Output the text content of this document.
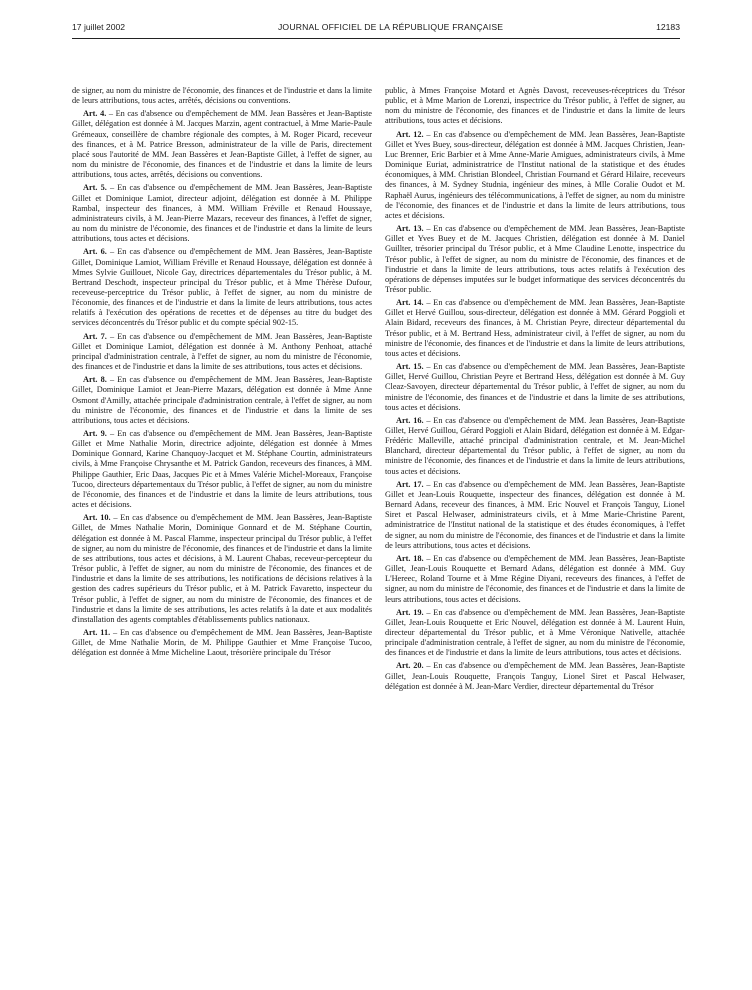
17 juillet 2002	JOURNAL OFFICIEL DE LA RÉPUBLIQUE FRANÇAISE	12183

de signer, au nom du ministre de l'économie, des finances et de l'industrie et dans la limite de leurs attributions, tous actes, arrêtés, décisions ou conventions.

Art. 4. – En cas d'absence ou d'empêchement de MM. Jean Bassères et Jean-Baptiste Gillet, délégation est donnée à M. Jacques Marzin, agent contractuel, à Mme Marie-Paule Grémeaux, conseillère de chambre régionale des comptes, à M. Roger Picard, receveur des finances, et à M. Patrice Bresson, administrateur de la ville de Paris, directement placé sous l'autorité de MM. Jean Bassères et Jean-Baptiste Gillet, à l'effet de signer, au nom du ministre de l'économie, des finances et de l'industrie et dans la limite de leurs attributions, tous actes, arrêtés, décisions ou conventions.

Art. 5. – En cas d'absence ou d'empêchement de MM. Jean Bassères, Jean-Baptiste Gillet et Dominique Lamiot, directeur adjoint, délégation est donnée à M. Philippe Rambal, inspecteur des finances, à MM. William Fréville et Renaud Houssaye, administrateurs civils, à M. Jean-Pierre Mazars, receveur des finances, à l'effet de signer, au nom du ministre de l'économie, des finances et de l'industrie et dans la limite de leurs attributions, tous actes et décisions.

Art. 6. – En cas d'absence ou d'empêchement de MM. Jean Bassères, Jean-Baptiste Gillet, Dominique Lamiot, William Fréville et Renaud Houssaye, délégation est donnée à Mmes Sylvie Guillouet, Nicole Gay, directrices départementales du Trésor public, à M. Bertrand Deschodt, inspecteur principal du Trésor public, et à Mme Thérèse Dufour, receveuse-perceptrice du Trésor public, à l'effet de signer, au nom du ministre de l'économie, des finances et de l'industrie et dans la limite de leurs attributions, tous actes relatifs à l'exécution des opérations de recettes et de dépenses au titre du budget des services déconcentrés du Trésor public et du compte spécial 902-15.

Art. 7. – En cas d'absence ou d'empêchement de MM. Jean Bassères, Jean-Baptiste Gillet et Dominique Lamiot, délégation est donnée à M. Anthony Penhoat, attaché principal d'administration centrale, à l'effet de signer, au nom du ministre de l'économie, des finances et de l'industrie et dans la limite de ses attributions, tous actes et décisions.

Art. 8. – En cas d'absence ou d'empêchement de MM. Jean Bassères, Jean-Baptiste Gillet, Dominique Lamiot et Jean-Pierre Mazars, délégation est donnée à Mme Anne Osmont d'Amilly, attachée principale d'administration centrale, à l'effet de signer, au nom du ministre de l'économie, des finances et de l'industrie et dans la limite de ses attributions, tous actes et décisions.

Art. 9. – En cas d'absence ou d'empêchement de MM. Jean Bassères, Jean-Baptiste Gillet et Mme Nathalie Morin, directrice adjointe, délégation est donnée à Mmes Dominique Gonnard, Karine Chanquoy-Jacquet et M. Stéphane Courtin, administrateurs civils, à Mme Françoise Chrysanthe et M. Patrick Gandon, receveurs des finances, à MM. Philippe Gauthier, Eric Daas, Jacques Pic et à Mmes Valérie Michel-Moreaux, Françoise Tucoo, directeurs départementaux du Trésor public, à l'effet de signer, au nom du ministre de l'économie, des finances et de l'industrie et dans la limite de leurs attributions, tous actes et décisions.

Art. 10. – En cas d'absence ou d'empêchement de MM. Jean Bassères, Jean-Baptiste Gillet, de Mmes Nathalie Morin, Dominique Gonnard et de M. Stéphane Courtin, délégation est donnée à M. Pascal Flamme, inspecteur principal du Trésor public, à l'effet de signer, au nom du ministre de l'économie, des finances et de l'industrie et dans la limite de ses attributions, tous actes et décisions, à M. Laurent Chabas, receveur-percepteur du Trésor public, à l'effet de signer, au nom du ministre de l'économie, des finances et de l'industrie et dans la limite de ses attributions, les notifications de décisions relatives à la gestion des cadres supérieurs du Trésor public, et à M. Patrick Favaretto, inspecteur du Trésor public, à l'effet de signer, au nom du ministre de l'économie, des finances et de l'industrie et dans la limite de ses attributions, les actes relatifs à la date et aux modalités d'installation des agents comptables d'établissements publics nationaux.

Art. 11. – En cas d'absence ou d'empêchement de MM. Jean Bassères, Jean-Baptiste Gillet, de Mme Nathalie Morin, de M. Philippe Gauthier et Mme Françoise Tucoo, délégation est donnée à Mme Micheline Laout, trésorière principale du Trésor

public, à Mmes Françoise Motard et Agnès Davost, receveuses-réceptrices du Trésor public, et à Mme Marion de Lorenzi, inspectrice du Trésor public, à l'effet de signer, au nom du ministre de l'économie, des finances et de l'industrie et dans la limite de leurs attributions, tous actes et décisions.

Art. 12. – En cas d'absence ou d'empêchement de MM. Jean Bassères, Jean-Baptiste Gillet et Yves Buey, sous-directeur, délégation est donnée à MM. Jacques Christien, Jean-Luc Brenner, Eric Barbier et à Mme Anne-Marie Amigues, administrateurs civils, à Mme Dominique Euriat, administratrice de l'Institut national de la statistique et des études économiques, à MM. Christian Blondeel, Christian Fournand et Gérard Hilaire, receveurs des finances, à M. Sydney Studnia, ingénieur des mines, à Mlle Coralie Oudot et M. Raphaël Aurus, ingénieurs des télécommunications, à l'effet de signer, au nom du ministre de l'économie, des finances et de l'industrie et dans la limite de leurs attributions, tous actes et décisions.

Art. 13. – En cas d'absence ou d'empêchement de MM. Jean Bassères, Jean-Baptiste Gillet et Yves Buey et de M. Jacques Christien, délégation est donnée à M. Daniel Guillter, trésorier principal du Trésor public, et à Mme Claudine Lenotte, inspectrice du Trésor public, à l'effet de signer, au nom du ministre de l'économie, des finances et de l'industrie et dans la limite de leurs attributions, tous actes relatifs à l'exécution des opérations de dépenses imputées sur le budget informatique des services déconcentrés du Trésor public.

Art. 14. – En cas d'absence ou d'empêchement de MM. Jean Bassères, Jean-Baptiste Gillet et Hervé Guillou, sous-directeur, délégation est donnée à MM. Gérard Poggioli et Alain Bidard, receveurs des finances, à M. Christian Peyre, directeur départemental du Trésor public, et à M. Bertrand Hess, administrateur civil, à l'effet de signer, au nom du ministre de l'économie, des finances et de l'industrie et dans la limite de leurs attributions, tous actes et décisions.

Art. 15. – En cas d'absence ou d'empêchement de MM. Jean Bassères, Jean-Baptiste Gillet, Hervé Guillou, Christian Peyre et Bertrand Hess, délégation est donnée à M. Guy Cleaz-Savoyen, directeur départemental du Trésor public, à l'effet de signer, au nom du ministre de l'économie, des finances et de l'industrie et dans la limite de ses attributions, tous actes et décisions.

Art. 16. – En cas d'absence ou d'empêchement de MM. Jean Bassères, Jean-Baptiste Gillet, Hervé Guillou, Gérard Poggioli et Alain Bidard, délégation est donnée à M. Edgar-Frédéric Malleville, attaché principal d'administration centrale, et M. Jean-Michel Blanchard, directeur départemental du Trésor public, à l'effet de signer, au nom du ministre de l'économie, des finances et de l'industrie et dans la limite de leurs attributions, tous actes et décisions.

Art. 17. – En cas d'absence ou d'empêchement de MM. Jean Bassères, Jean-Baptiste Gillet et Jean-Louis Rouquette, inspecteur des finances, délégation est donnée à M. Bernard Adans, receveur des finances, à MM. Eric Nouvel et François Tanguy, Lionel Siret et Pascal Helwaser, administrateurs civils, et à Mme Marie-Christine Parent, administratrice de l'Institut national de la statistique et des études économiques, à l'effet de signer, au nom du ministre de l'économie, des finances et de l'industrie et dans la limite de leurs attributions, tous actes et décisions.

Art. 18. – En cas d'absence ou d'empêchement de MM. Jean Bassères, Jean-Baptiste Gillet, Jean-Louis Rouquette et Bernard Adans, délégation est donnée à MM. Guy L'Hereec, Roland Tourne et à Mme Régine Diyani, receveurs des finances, à l'effet de signer, au nom du ministre de l'économie, des finances et de l'industrie et dans la limite de leurs attributions, tous actes et décisions.

Art. 19. – En cas d'absence ou d'empêchement de MM. Jean Bassères, Jean-Baptiste Gillet, Jean-Louis Rouquette et Eric Nouvel, délégation est donnée à M. Laurent Huin, directeur départemental du Trésor public, et à Mme Véronique Nativelle, attachée principale d'administration centrale, à l'effet de signer, au nom du ministre de l'économie, des finances et de l'industrie et dans la limite de leurs attributions, tous actes et décisions.

Art. 20. – En cas d'absence ou d'empêchement de MM. Jean Bassères, Jean-Baptiste Gillet, Jean-Louis Rouquette, François Tanguy, Lionel Siret et Pascal Helwaser, délégation est donnée à M. Jean-Marc Verdier, directeur départemental du Trésor
